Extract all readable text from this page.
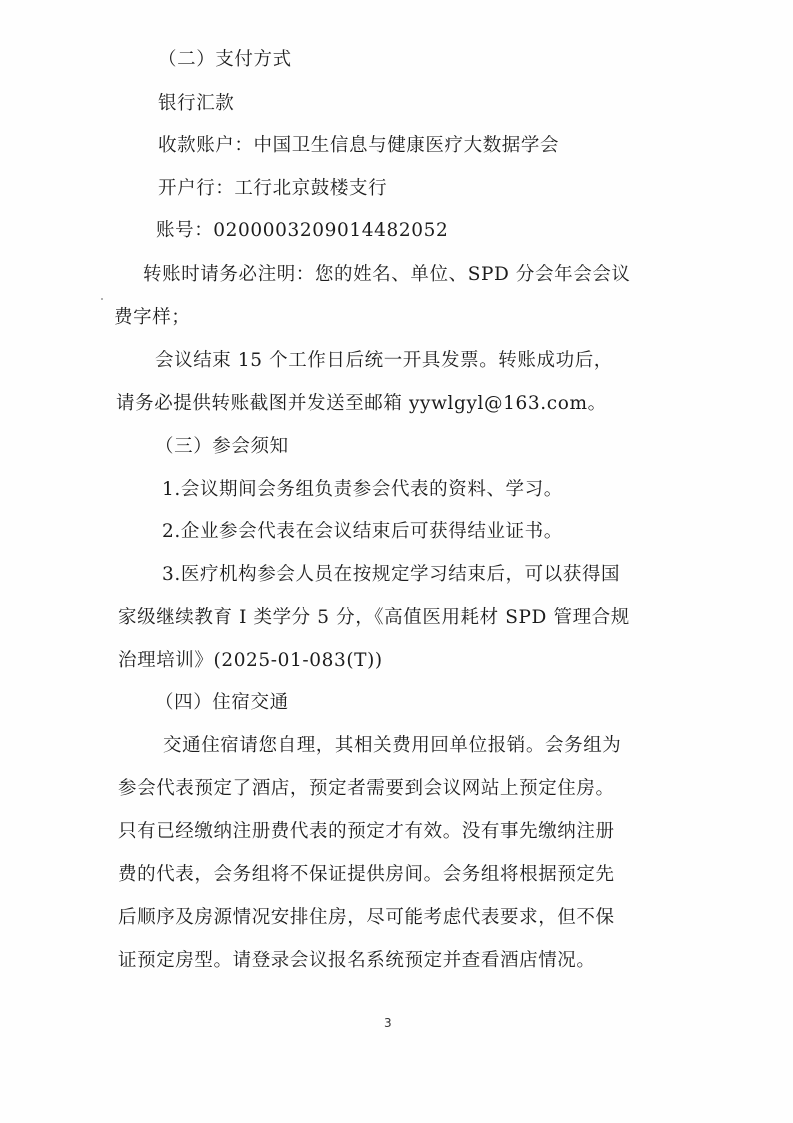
（二）支付方式
银行汇款
收款账户：中国卫生信息与健康医疗大数据学会
开户行：工行北京鼓楼支行
账号：0200003209014482052
转账时请务必注明：您的姓名、单位、SPD 分会年会会议
费字样；
会议结束 15 个工作日后统一开具发票。转账成功后，
请务必提供转账截图并发送至邮箱 yywlgyl@163.com。
（三）参会须知
1.会议期间会务组负责参会代表的资料、学习。
2.企业参会代表在会议结束后可获得结业证书。
3.医疗机构参会人员在按规定学习结束后，可以获得国
家级继续教育 I 类学分 5 分，《高值医用耗材 SPD 管理合规
治理培训》(2025-01-083(T))
（四）住宿交通
交通住宿请您自理，其相关费用回单位报销。会务组为
参会代表预定了酒店，预定者需要到会议网站上预定住房。
只有已经缴纳注册费代表的预定才有效。没有事先缴纳注册
费的代表，会务组将不保证提供房间。会务组将根据预定先
后顺序及房源情况安排住房，尽可能考虑代表要求，但不保
证预定房型。请登录会议报名系统预定并查看酒店情况。
3
